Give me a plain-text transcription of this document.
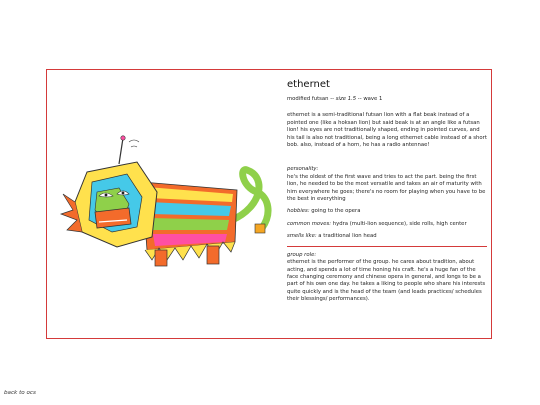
ethernet
modified futsan -- size 1.5 -- wave 1

ethernet is a semi-traditional futsan lion with a flat beak instead of a pointed one (like a hoksan lion) but said beak is at an angle like a futsan lion! his eyes are not traditionally shaped, ending in pointed curves, and his tail is also not traditional, being a long ethernet cable instead of a short bob. also, instead of a horn, he has a radio antennae!

personality:

he's the oldest of the first wave and tries to act the part. being the first lion, he needed to be the most versatile and takes an air of maturity with him everywhere he goes; there's no room for playing when you have to be the best in everything

hobbies: going to the opera

common moves: hydra (multi-lion sequence), side rolls, high center

smells like: a traditional lion head

group role:

ethernet is the performer of the group. he cares about tradition, about acting, and spends a lot of time honing his craft. he's a huge fan of the face changing ceremony and chinese opera in general, and longs to be a part of his own one day. he takes a liking to people who share his interests quite quickly and is the head of the team (and leads practices/ schedules their blessings/ performances).

back to ocs
